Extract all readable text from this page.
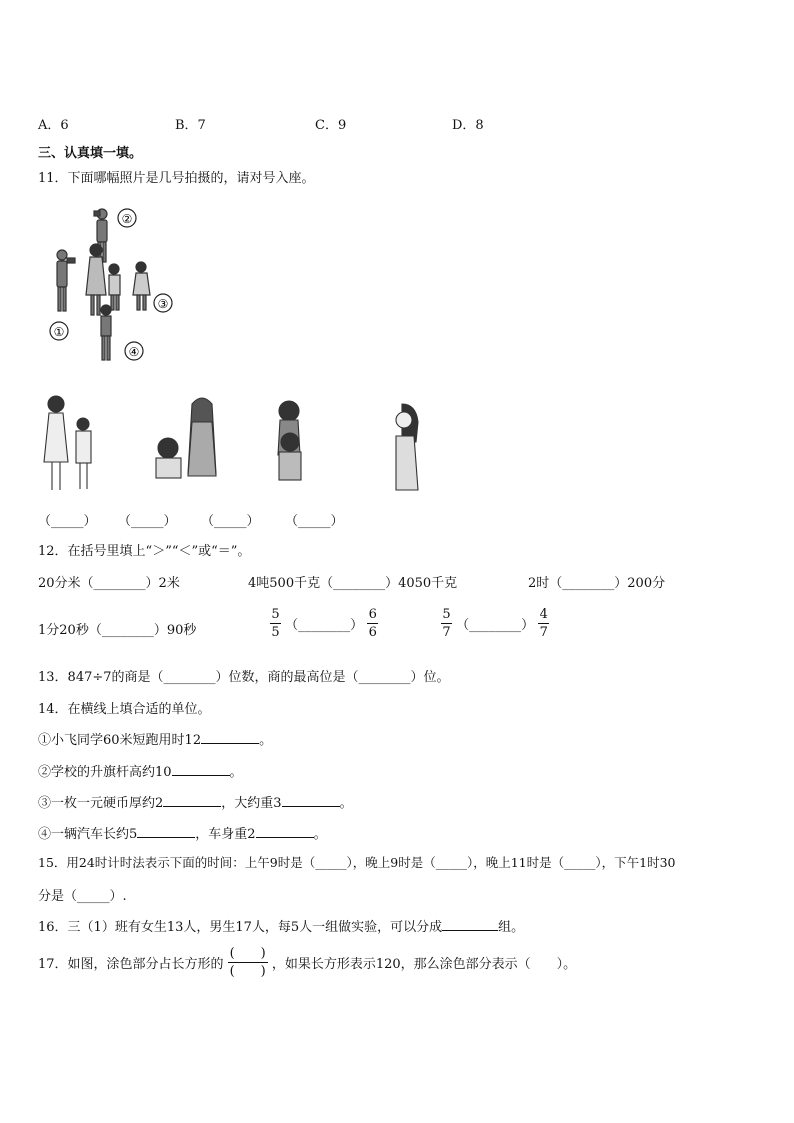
A．6	B．7	C．9	D．8
三、认真填一填。
11．下面哪幅照片是几号拍摄的，请对号入座。
②
③
①
④
（_____） （_____） （_____） （_____）
12．在括号里填上“＞”“＜”或“＝”。
20分米（________）2米	4吨500千克（________）4050千克	2时（________）200分
1分20秒（________）90秒	$\frac{5}{5}$ （________） $\frac{6}{6}$	$\frac{5}{7}$ （________） $\frac{4}{7}$
13．847÷7的商是（________）位数，商的最高位是（________）位。
14．在横线上填合适的单位。
①小飞同学60米短跑用时12	。
②学校的升旗杆高约10	。
③一枚一元硬币厚约2	，大约重3	。
④一辆汽车长约5	，车身重2	。
15．用24时计时法表示下面的时间：上午9时是（_____），晚上9时是（_____），晚上11时是（_____），下午1时30
分是（_____）.
16．三（1）班有女生13人，男生17人，每5人一组做实验，可以分成	组。
17．如图，涂色部分占长方形的 $\frac{( )}{( )}$ ，如果长方形表示120，那么涂色部分表示（　　）。
